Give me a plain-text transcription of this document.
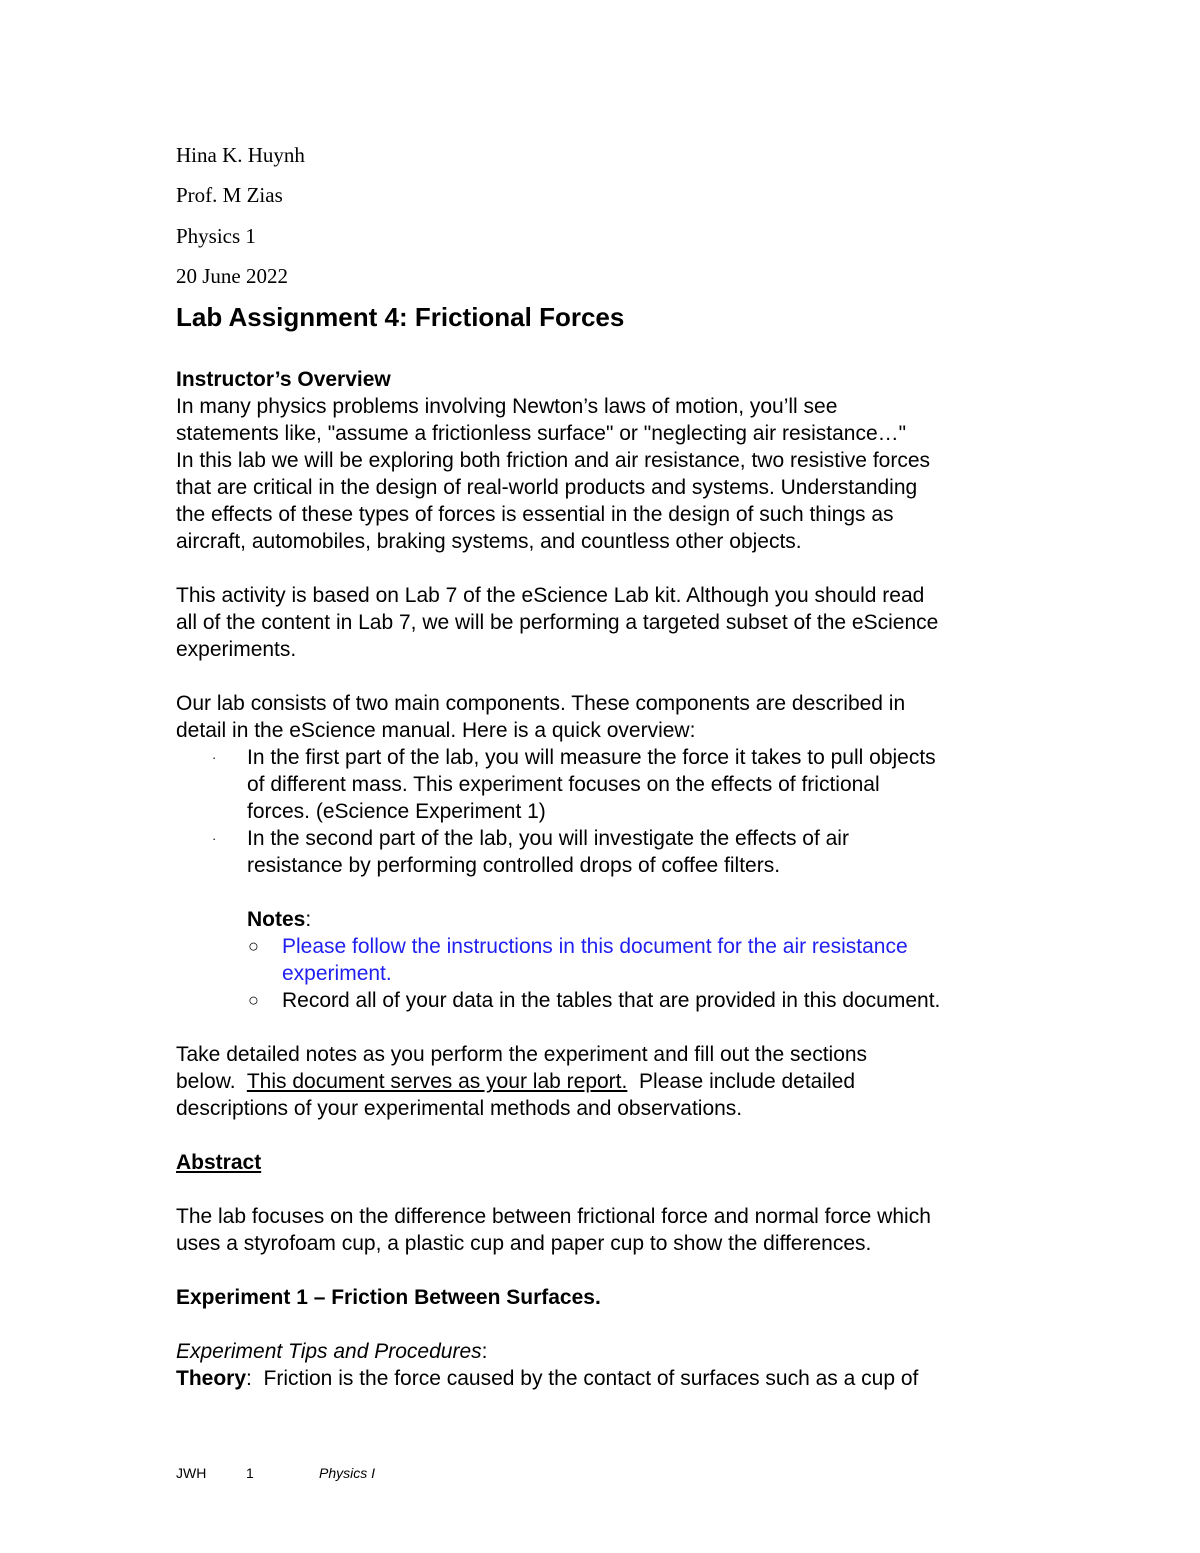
Hina K. Huynh
Prof. M Zias
Physics 1
20 June 2022
Lab Assignment 4: Frictional Forces
Instructor’s Overview
In many physics problems involving Newton’s laws of motion, you’ll see
statements like, "assume a frictionless surface" or "neglecting air resistance…"
In this lab we will be exploring both friction and air resistance, two resistive forces
that are critical in the design of real-world products and systems. Understanding
the effects of these types of forces is essential in the design of such things as
aircraft, automobiles, braking systems, and countless other objects.
This activity is based on Lab 7 of the eScience Lab kit. Although you should read
all of the content in Lab 7, we will be performing a targeted subset of the eScience
experiments.
Our lab consists of two main components. These components are described in
detail in the eScience manual. Here is a quick overview:
· In the first part of the lab, you will measure the force it takes to pull objects
of different mass. This experiment focuses on the effects of frictional
forces. (eScience Experiment 1)
· In the second part of the lab, you will investigate the effects of air
resistance by performing controlled drops of coffee filters.
Notes:
○ Please follow the instructions in this document for the air resistance
experiment.
○ Record all of your data in the tables that are provided in this document.
Take detailed notes as you perform the experiment and fill out the sections
below.  This document serves as your lab report.  Please include detailed
descriptions of your experimental methods and observations.
Abstract
The lab focuses on the difference between frictional force and normal force which
uses a styrofoam cup, a plastic cup and paper cup to show the differences.
Experiment 1 – Friction Between Surfaces.
Experiment Tips and Procedures:
Theory:  Friction is the force caused by the contact of surfaces such as a cup of
JWH	1	Physics I
